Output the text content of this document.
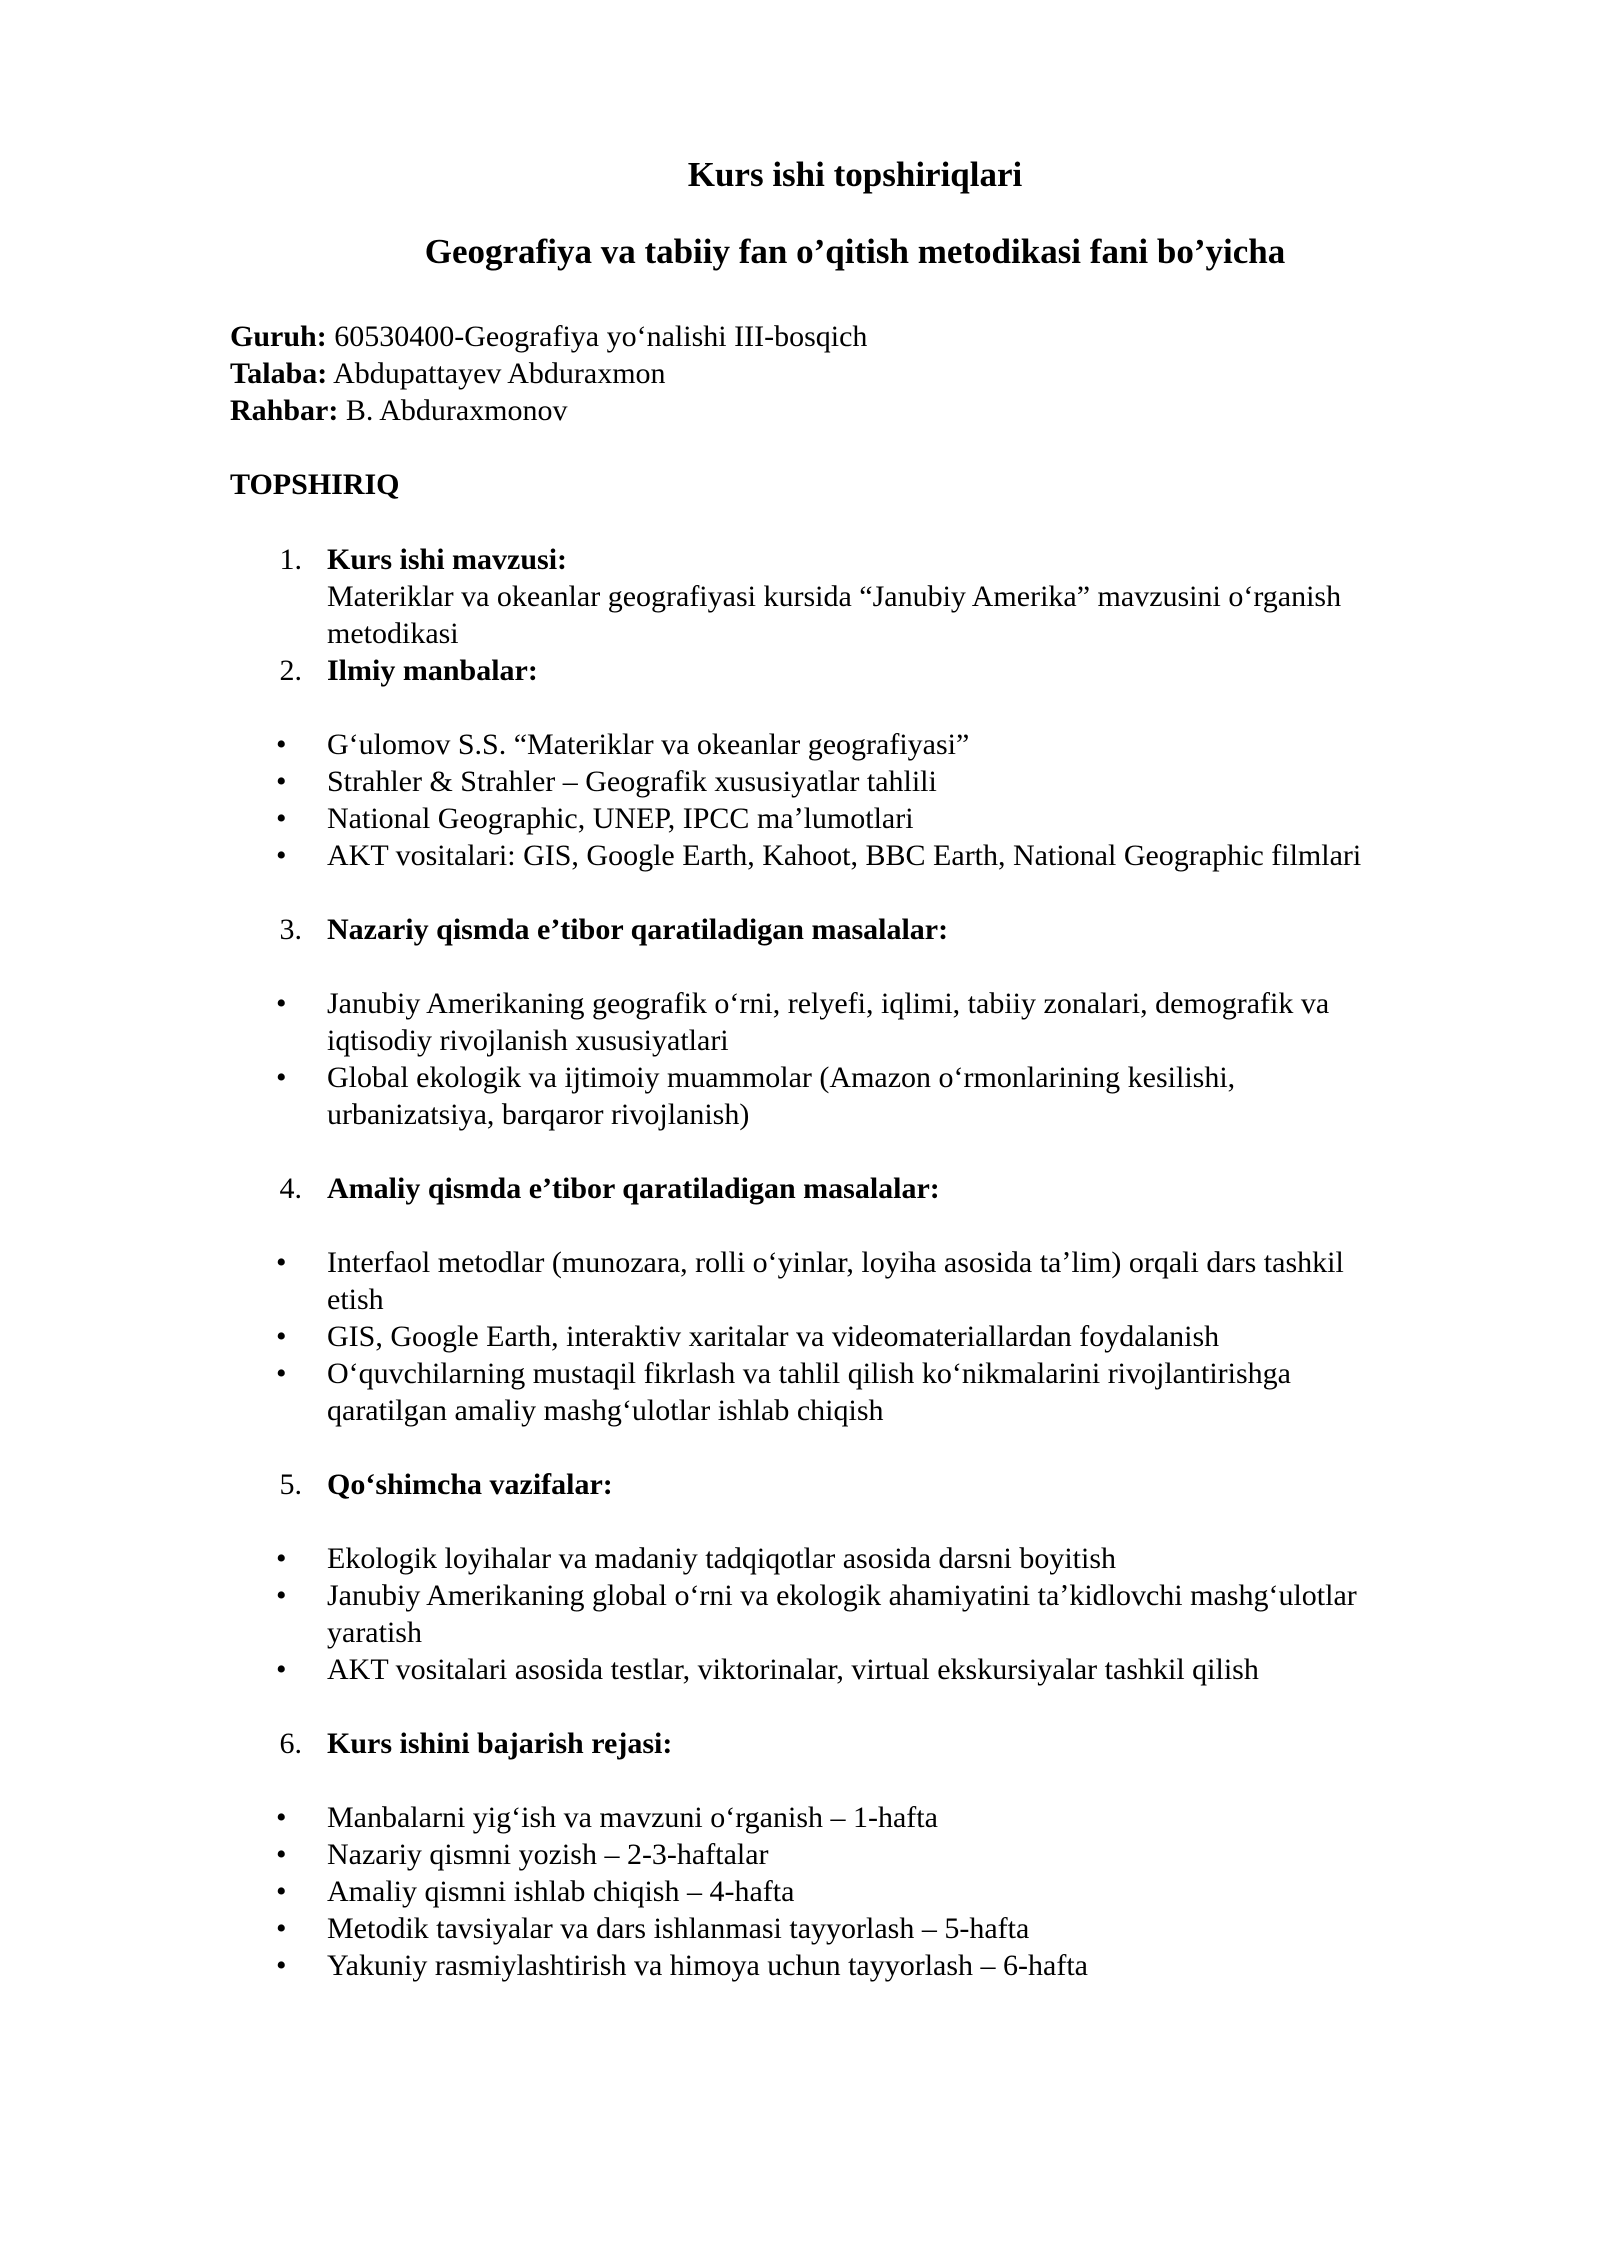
Kurs ishi topshiriqlari
Geografiya va tabiiy fan o’qitish metodikasi fani bo’yicha
Guruh: 60530400-Geografiya yoʻnalishi III-bosqich
Talaba: Abdupattayev Abduraxmon
Rahbar: B. Abduraxmonov
TOPSHIRIQ
1. Kurs ishi mavzusi:
Materiklar va okeanlar geografiyasi kursida “Janubiy Amerika” mavzusini oʻrganish
metodikasi
2. Ilmiy manbalar:
• Gʻulomov S.S. “Materiklar va okeanlar geografiyasi”
• Strahler & Strahler – Geografik xususiyatlar tahlili
• National Geographic, UNEP, IPCC maʼlumotlari
• AKT vositalari: GIS, Google Earth, Kahoot, BBC Earth, National Geographic filmlari
3. Nazariy qismda e’tibor qaratiladigan masalalar:
• Janubiy Amerikaning geografik oʻrni, relyefi, iqlimi, tabiiy zonalari, demografik va
iqtisodiy rivojlanish xususiyatlari
• Global ekologik va ijtimoiy muammolar (Amazon oʻrmonlarining kesilishi,
urbanizatsiya, barqaror rivojlanish)
4. Amaliy qismda e’tibor qaratiladigan masalalar:
• Interfaol metodlar (munozara, rolli oʻyinlar, loyiha asosida taʼlim) orqali dars tashkil
etish
• GIS, Google Earth, interaktiv xaritalar va videomateriallardan foydalanish
• Oʻquvchilarning mustaqil fikrlash va tahlil qilish koʻnikmalarini rivojlantirishga
qaratilgan amaliy mashgʻulotlar ishlab chiqish
5. Qoʻshimcha vazifalar:
• Ekologik loyihalar va madaniy tadqiqotlar asosida darsni boyitish
• Janubiy Amerikaning global oʻrni va ekologik ahamiyatini taʼkidlovchi mashgʻulotlar
yaratish
• AKT vositalari asosida testlar, viktorinalar, virtual ekskursiyalar tashkil qilish
6. Kurs ishini bajarish rejasi:
• Manbalarni yigʻish va mavzuni oʻrganish – 1-hafta
• Nazariy qismni yozish – 2-3-haftalar
• Amaliy qismni ishlab chiqish – 4-hafta
• Metodik tavsiyalar va dars ishlanmasi tayyorlash – 5-hafta
• Yakuniy rasmiylashtirish va himoya uchun tayyorlash – 6-hafta
